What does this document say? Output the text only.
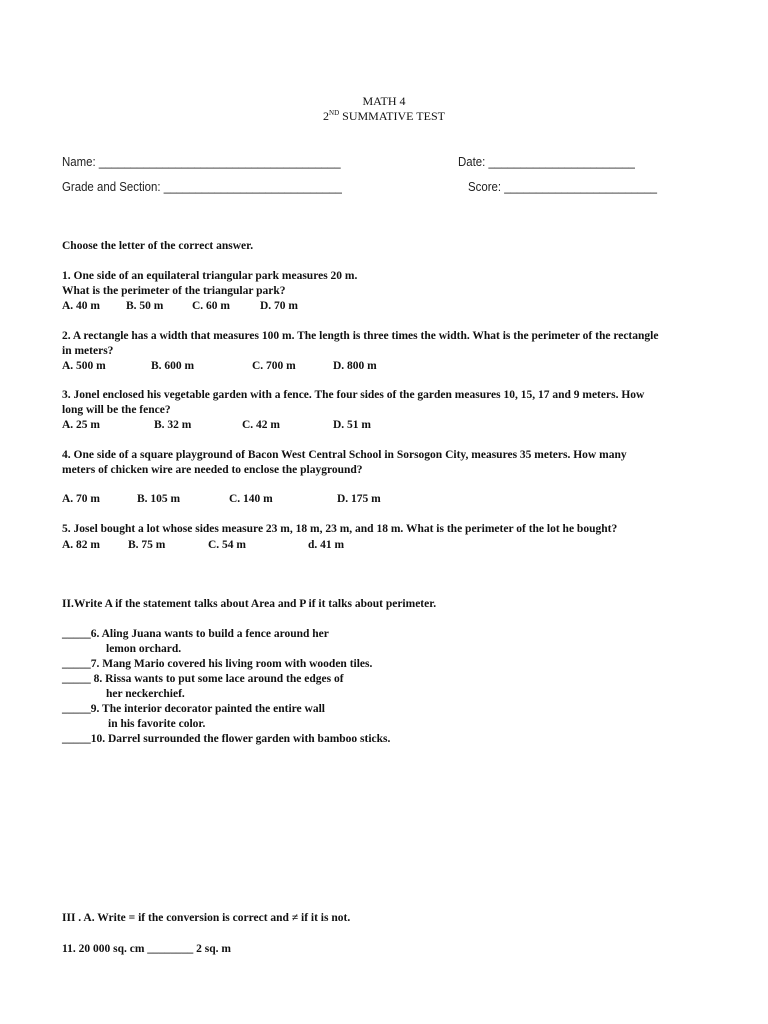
MATH 4
2ND SUMMATIVE TEST
Name: ______________________________________	Date: _______________________
Grade and Section: ____________________________	Score: ________________________
Choose the letter of the correct answer.
1. One side of an equilateral triangular park measures 20 m.
What is the perimeter of the triangular park?
A. 40 m B. 50 m C. 60 m	D. 70 m
2. A rectangle has a width that measures 100 m. The length is three times the width. What is the perimeter of the rectangle
in meters?
A. 500 m	B. 600 m	C. 700 m	D. 800 m
3. Jonel enclosed his vegetable garden with a fence. The four sides of the garden measures 10, 15, 17 and 9 meters. How
long will be the fence?
A. 25 m	B. 32 m	C. 42 m	D. 51 m
4. One side of a square playground of Bacon West Central School in Sorsogon City, measures 35 meters. How many
meters of chicken wire are needed to enclose the playground?
A. 70 m	B. 105 m	C. 140 m	D. 175 m
5. Josel bought a lot whose sides measure 23 m, 18 m, 23 m, and 18 m. What is the perimeter of the lot he bought?
A. 82 m B. 75 m	C. 54 m	d. 41 m
II.Write A if the statement talks about Area and P if it talks about perimeter.
_____6. Aling Juana wants to build a fence around her
lemon orchard.
_____7. Mang Mario covered his living room with wooden tiles.
_____ 8. Rissa wants to put some lace around the edges of
her neckerchief.
_____9. The interior decorator painted the entire wall
in his favorite color.
_____10. Darrel surrounded the flower garden with bamboo sticks.
III . A. Write = if the conversion is correct and ≠ if it is not.
11. 20 000 sq. cm ________ 2 sq. m
